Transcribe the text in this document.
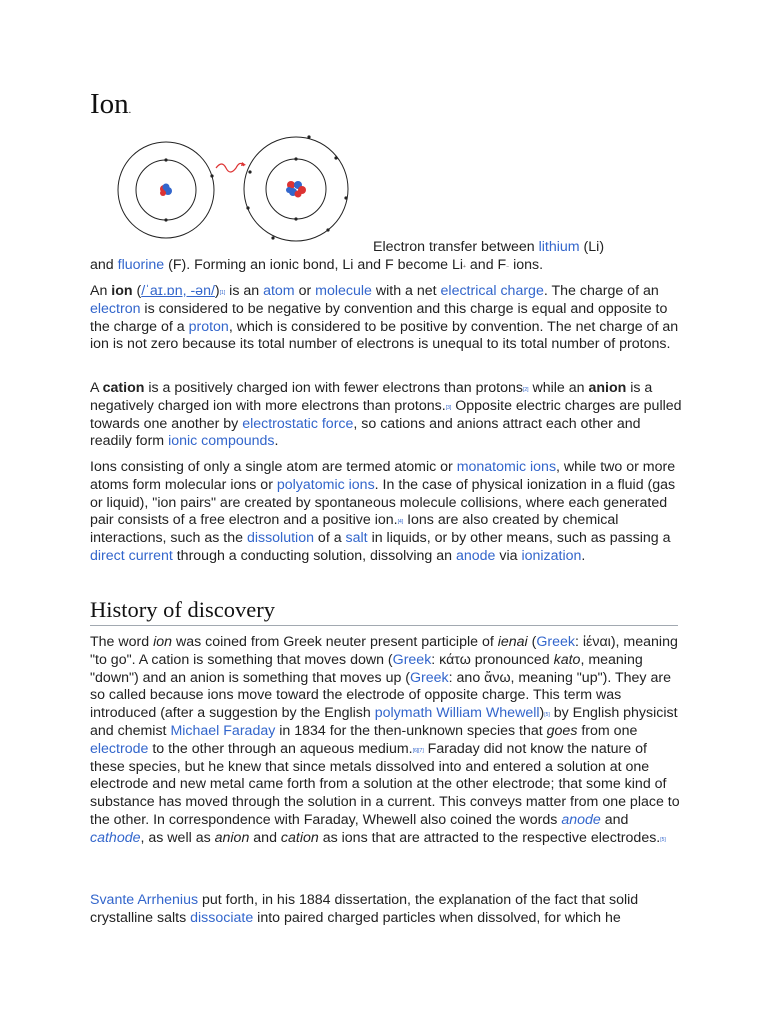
Ion.
Electron transfer between lithium (Li)
and fluorine (F). Forming an ionic bond, Li and F become Li+ and F− ions.
An ion (/ˈaɪ.ɒn, -ən/)[1] is an atom or molecule with a net electrical charge. The charge of an electron is considered to be negative by convention and this charge is equal and opposite to the charge of a proton, which is considered to be positive by convention. The net charge of an ion is not zero because its total number of electrons is unequal to its total number of protons.
A cation is a positively charged ion with fewer electrons than protons[2] while an anion is a negatively charged ion with more electrons than protons.[3] Opposite electric charges are pulled towards one another by electrostatic force, so cations and anions attract each other and readily form ionic compounds.
Ions consisting of only a single atom are termed atomic or monatomic ions, while two or more atoms form molecular ions or polyatomic ions. In the case of physical ionization in a fluid (gas or liquid), "ion pairs" are created by spontaneous molecule collisions, where each generated pair consists of a free electron and a positive ion.[4] Ions are also created by chemical interactions, such as the dissolution of a salt in liquids, or by other means, such as passing a direct current through a conducting solution, dissolving an anode via ionization.
History of discovery
The word ion was coined from Greek neuter present participle of ienai (Greek: ἰέναι), meaning "to go". A cation is something that moves down (Greek: κάτω pronounced kato, meaning "down") and an anion is something that moves up (Greek: ano ἄνω, meaning "up"). They are so called because ions move toward the electrode of opposite charge. This term was introduced (after a suggestion by the English polymath William Whewell)[5] by English physicist and chemist Michael Faraday in 1834 for the then-unknown species that goes from one electrode to the other through an aqueous medium.[6][7] Faraday did not know the nature of these species, but he knew that since metals dissolved into and entered a solution at one electrode and new metal came forth from a solution at the other electrode; that some kind of substance has moved through the solution in a current. This conveys matter from one place to the other. In correspondence with Faraday, Whewell also coined the words anode and cathode, as well as anion and cation as ions that are attracted to the respective electrodes.[5]
Svante Arrhenius put forth, in his 1884 dissertation, the explanation of the fact that solid crystalline salts dissociate into paired charged particles when dissolved, for which he
